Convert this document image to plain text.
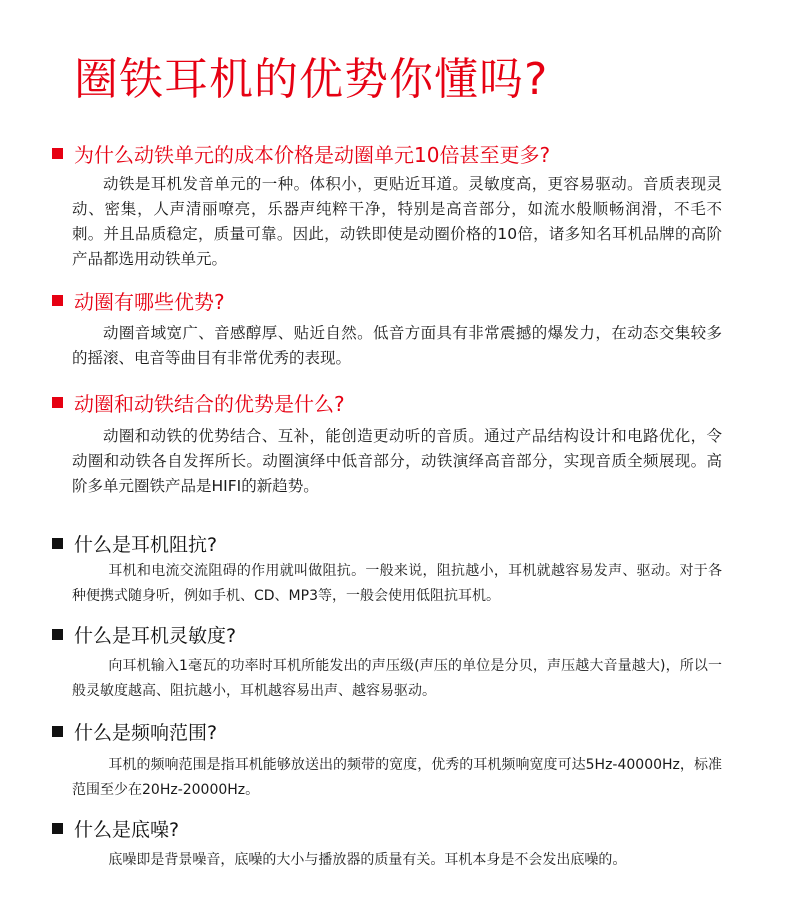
圈铁耳机的优势你懂吗?
为什么动铁单元的成本价格是动圈单元10倍甚至更多?

动铁是耳机发音单元的一种。体积小，更贴近耳道。灵敏度高，更容易驱动。音质表现灵动、密集，人声清丽嘹亮，乐器声纯粹干净，特别是高音部分，如流水般顺畅润滑，不毛不刺。并且品质稳定，质量可靠。因此，动铁即使是动圈价格的10倍，诸多知名耳机品牌的高阶产品都选用动铁单元。

动圈有哪些优势?

动圈音域宽广、音感醇厚、贴近自然。低音方面具有非常震撼的爆发力，在动态交集较多的摇滚、电音等曲目有非常优秀的表现。

动圈和动铁结合的优势是什么?

动圈和动铁的优势结合、互补，能创造更动听的音质。通过产品结构设计和电路优化，令动圈和动铁各自发挥所长。动圈演绎中低音部分，动铁演绎高音部分，实现音质全频展现。高阶多单元圈铁产品是HIFI的新趋势。

什么是耳机阻抗?

耳机和电流交流阻碍的作用就叫做阻抗。一般来说，阻抗越小，耳机就越容易发声、驱动。对于各种便携式随身听，例如手机、CD、MP3等，一般会使用低阻抗耳机。

什么是耳机灵敏度?

向耳机输入1毫瓦的功率时耳机所能发出的声压级(声压的单位是分贝，声压越大音量越大)，所以一般灵敏度越高、阻抗越小，耳机越容易出声、越容易驱动。

什么是频响范围?

耳机的频响范围是指耳机能够放送出的频带的宽度，优秀的耳机频响宽度可达5Hz-40000Hz，标准范围至少在20Hz-20000Hz。

什么是底噪?

底噪即是背景噪音，底噪的大小与播放器的质量有关。耳机本身是不会发出底噪的。
